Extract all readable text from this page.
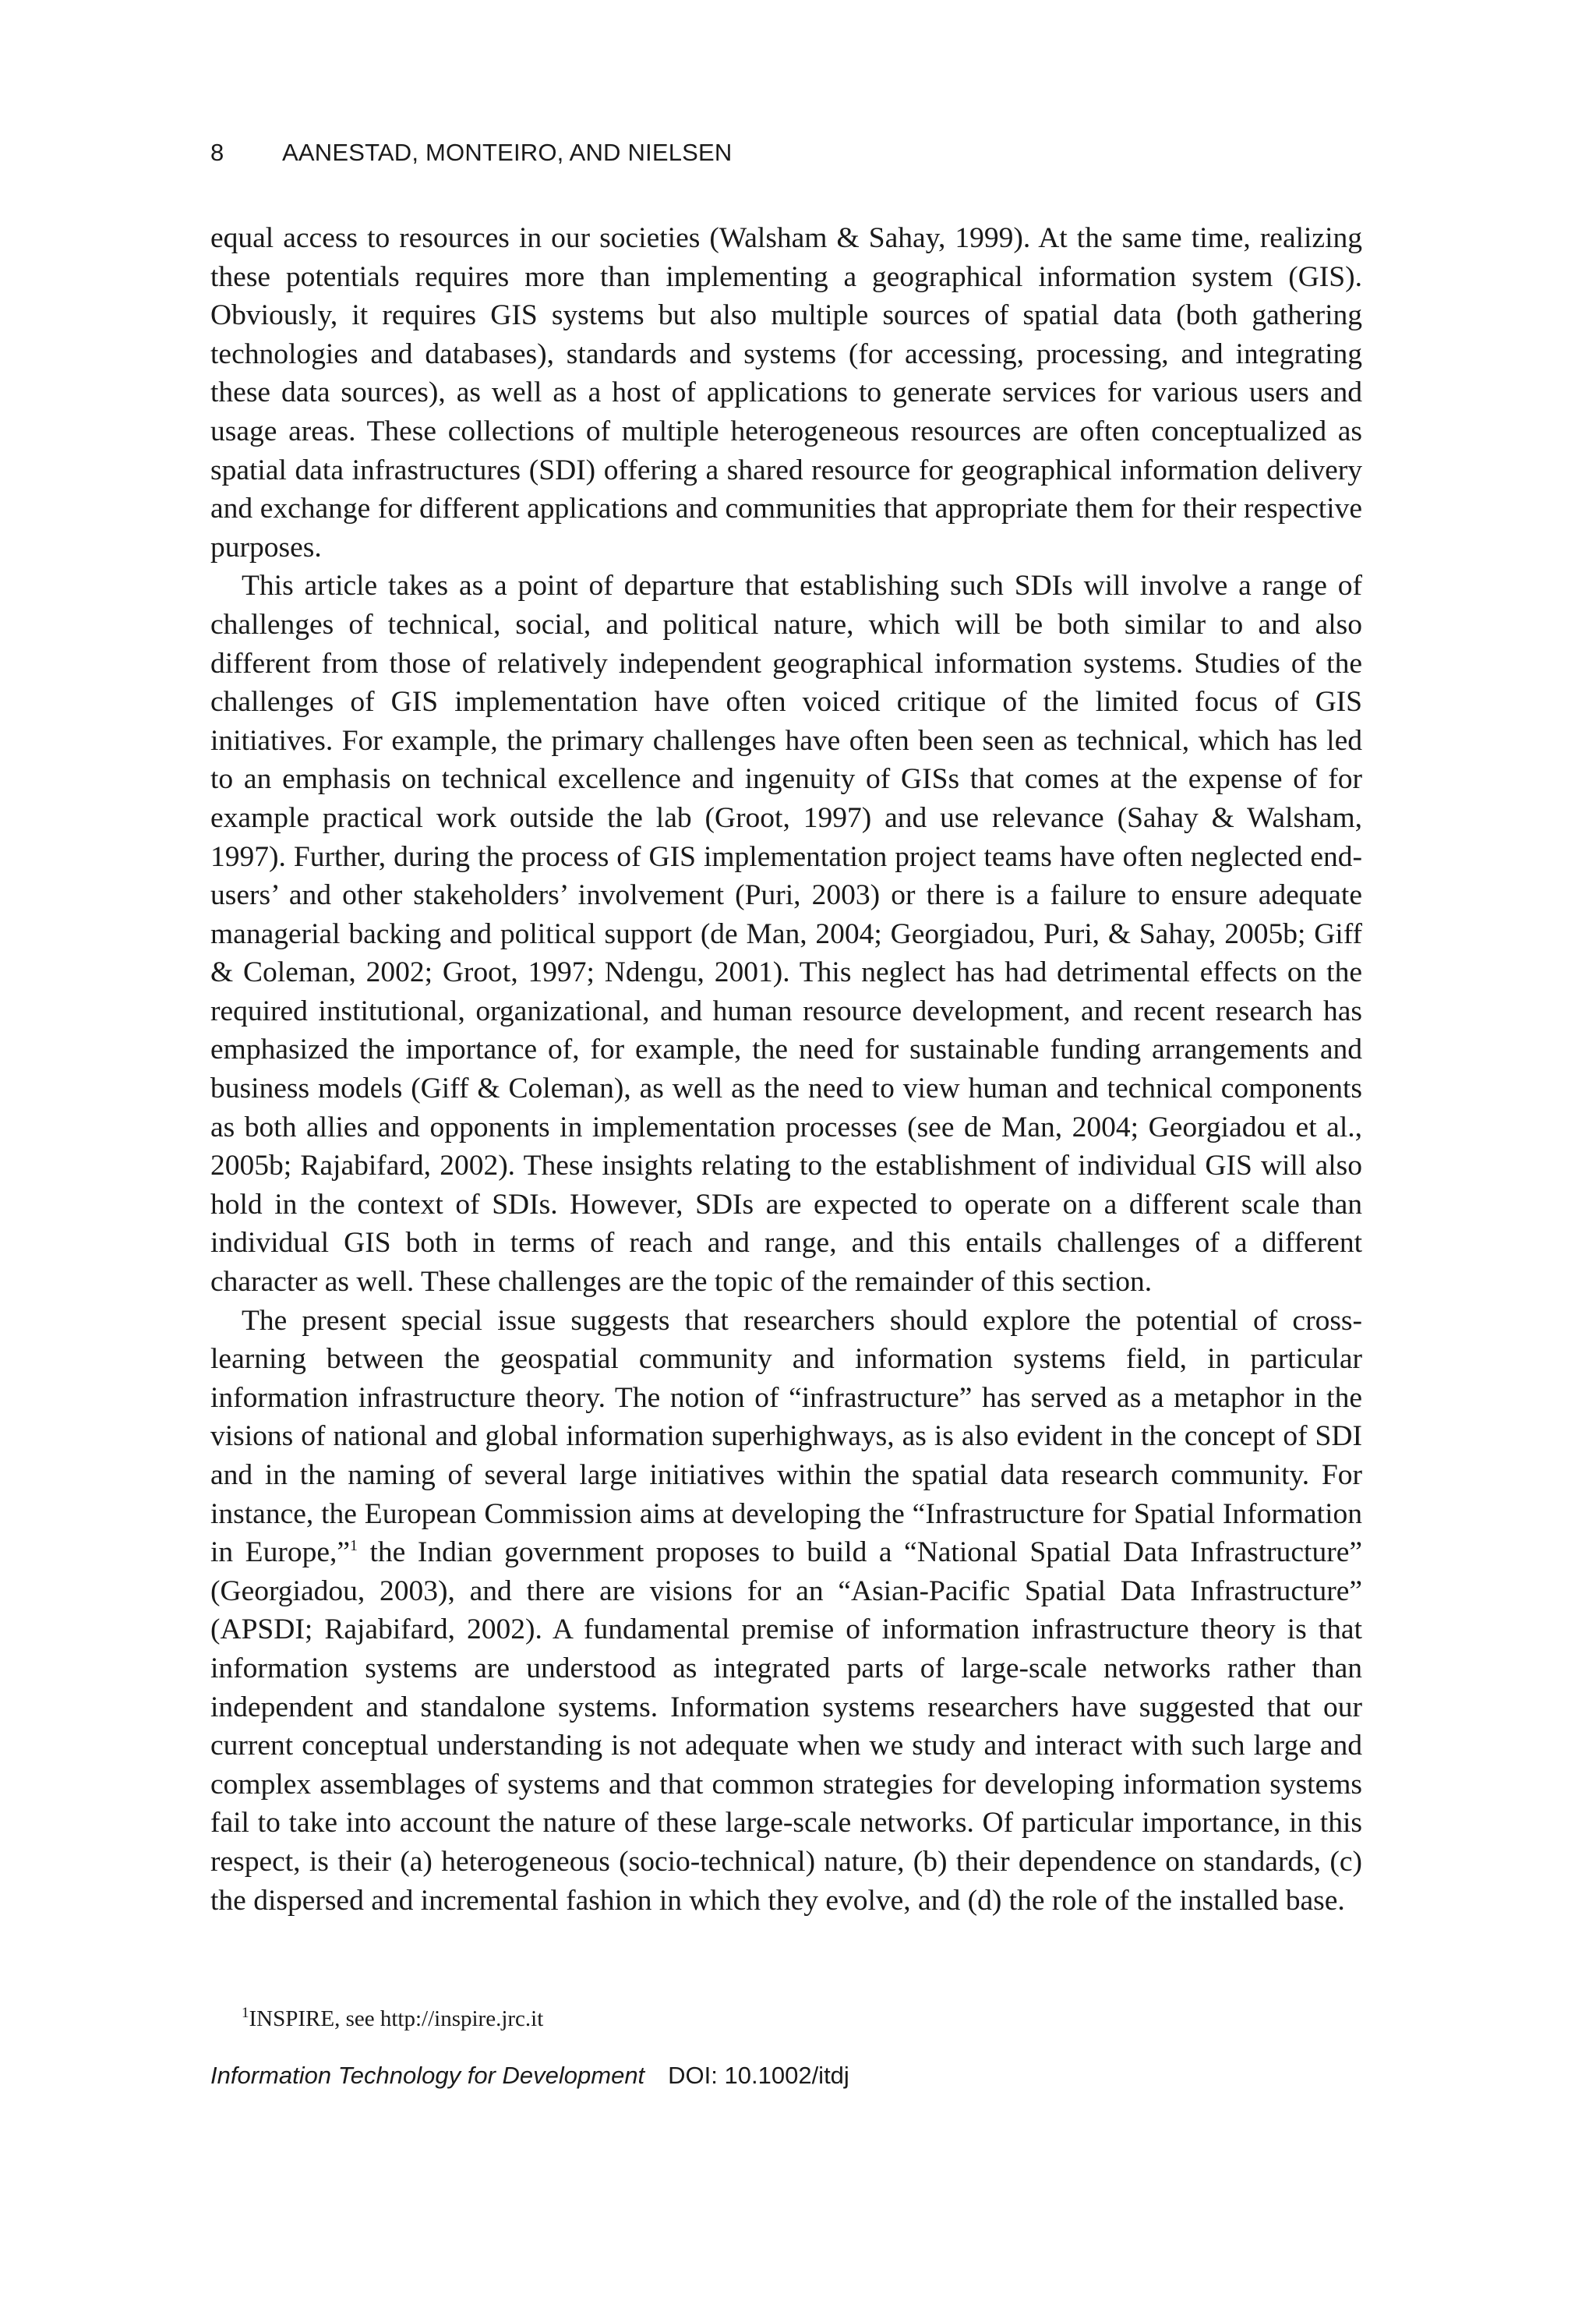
8 AANESTAD, MONTEIRO, AND NIELSEN

equal access to resources in our societies (Walsham & Sahay, 1999). At the same time, realizing these potentials requires more than implementing a geographical information system (GIS). Obviously, it requires GIS systems but also multiple sources of spatial data (both gathering technologies and databases), standards and systems (for accessing, processing, and integrating these data sources), as well as a host of applications to generate services for various users and usage areas. These collections of multiple heterogeneous resources are often conceptualized as spatial data infrastructures (SDI) offering a shared resource for geographical information delivery and exchange for different applications and communities that appropriate them for their respective purposes.

This article takes as a point of departure that establishing such SDIs will involve a range of challenges of technical, social, and political nature, which will be both similar to and also different from those of relatively independent geographical information systems. Studies of the challenges of GIS implementation have often voiced critique of the limited focus of GIS initiatives. For example, the primary challenges have often been seen as technical, which has led to an emphasis on technical excellence and ingenuity of GISs that comes at the expense of for example practical work outside the lab (Groot, 1997) and use relevance (Sahay & Walsham, 1997). Further, during the process of GIS implementation project teams have often neglected end-users’ and other stakeholders’ involvement (Puri, 2003) or there is a failure to ensure adequate managerial backing and political support (de Man, 2004; Georgiadou, Puri, & Sahay, 2005b; Giff & Coleman, 2002; Groot, 1997; Ndengu, 2001). This neglect has had detrimental effects on the required institutional, organizational, and human resource development, and recent research has emphasized the importance of, for example, the need for sustainable funding arrangements and business models (Giff & Coleman), as well as the need to view human and technical components as both allies and opponents in implementation processes (see de Man, 2004; Georgiadou et al., 2005b; Rajabifard, 2002). These insights relating to the establishment of individual GIS will also hold in the context of SDIs. However, SDIs are expected to operate on a different scale than individual GIS both in terms of reach and range, and this entails challenges of a different character as well. These challenges are the topic of the remainder of this section.

The present special issue suggests that researchers should explore the potential of cross-learning between the geospatial community and information systems field, in particular information infrastructure theory. The notion of “infrastructure” has served as a metaphor in the visions of national and global information superhighways, as is also evident in the concept of SDI and in the naming of several large initiatives within the spatial data research community. For instance, the European Commission aims at developing the “Infrastructure for Spatial Information in Europe,”$^1$ the Indian government proposes to build a “National Spatial Data Infrastructure” (Georgiadou, 2003), and there are visions for an “Asian-Pacific Spatial Data Infrastructure” (APSDI; Rajabifard, 2002). A fundamental premise of information infrastructure theory is that information systems are understood as integrated parts of large-scale networks rather than independent and standalone systems. Information systems researchers have suggested that our current conceptual understanding is not adequate when we study and interact with such large and complex assemblages of systems and that common strategies for developing information systems fail to take into account the nature of these large-scale networks. Of particular importance, in this respect, is their (a) heterogeneous (socio-technical) nature, (b) their dependence on standards, (c) the dispersed and incremental fashion in which they evolve, and (d) the role of the installed base.

$^1$INSPIRE, see http://inspire.jrc.it
Information Technology for Development DOI: 10.1002/itdj
